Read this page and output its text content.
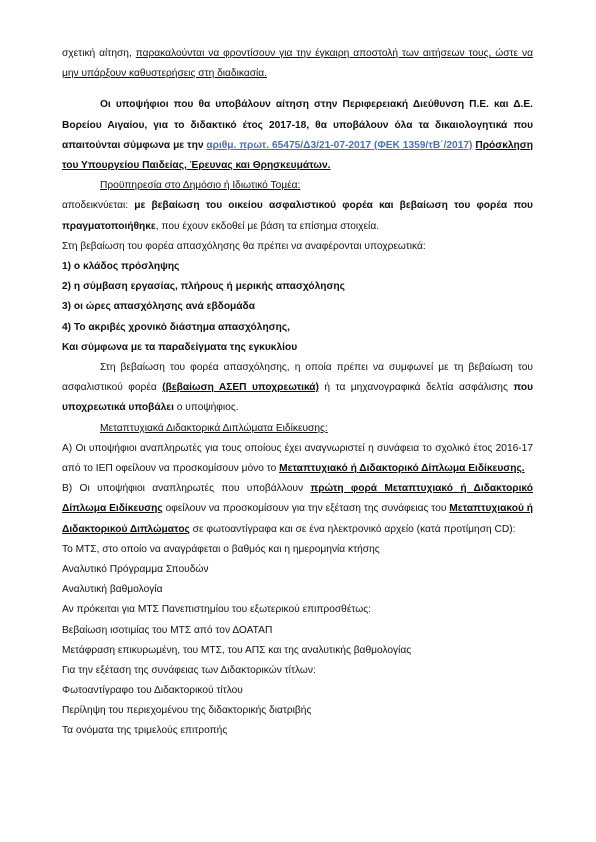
σχετική αίτηση, παρακαλούνται να φροντίσουν για την έγκαιρη αποστολή των αιτήσεων τους, ώστε να μην υπάρξουν καθυστερήσεις στη διαδικασία.

Οι υποψήφιοι που θα υποβάλουν αίτηση στην Περιφερειακή Διεύθυνση Π.Ε. και Δ.Ε. Βορείου Αιγαίου, για το διδακτικό έτος 2017-18, θα υποβάλουν όλα τα δικαιολογητικά που απαιτούνται σύμφωνα με την αριθμ. πρωτ. 65475/Δ3/21-07-2017 (ΦΕΚ 1359/τΒ΄/2017) Πρόσκληση του Υπουργείου Παιδείας, Έρευνας και Θρησκευμάτων.

Προϋπηρεσία στο Δημόσιο ή Ιδιωτικό Τομέα:

αποδεικνύεται: με βεβαίωση του οικείου ασφαλιστικού φορέα και βεβαίωση του φορέα που πραγματοποιήθηκε, που έχουν εκδοθεί με βάση τα επίσημα στοιχεία.

Στη βεβαίωση του φορέα απασχόλησης θα πρέπει να αναφέρονται υποχρεωτικά:

1) ο κλάδος πρόσληψης

2) η σύμβαση εργασίας, πλήρους ή μερικής απασχόλησης

3) οι ώρες απασχόλησης ανά εβδομάδα

4) Το ακριβές χρονικό διάστημα απασχόλησης,

Και σύμφωνα με τα παραδείγματα της εγκυκλίου

Στη βεβαίωση του φορέα απασχόλησης, η οποία πρέπει να συμφωνεί με τη βεβαίωση του ασφαλιστικού φορέα (βεβαίωση ΑΣΕΠ υποχρεωτικά) ή τα μηχανογραφικά δελτία ασφάλισης που υποχρεωτικά υποβάλει ο υποψήφιος.

Μεταπτυχιακά Διδακτορικά Διπλώματα Ειδίκευσης:

Α) Οι υποψήφιοι αναπληρωτές για τους οποίους έχει αναγνωριστεί η συνάφεια το σχολικό έτος 2016-17 από το ΙΕΠ οφείλουν να προσκομίσουν μόνο το Μεταπτυχιακό ή Διδακτορικό Δίπλωμα Ειδίκευσης.

Β) Οι υποψήφιοι αναπληρωτές που υποβάλλουν πρώτη φορά Μεταπτυχιακό ή Διδακτορικό Δίπλωμα Ειδίκευσης οφείλουν να προσκομίσουν για την εξέταση της συνάφειας του Μεταπτυχιακού ή Διδακτορικού Διπλώματος σε φωτοαντίγραφα και σε ένα ηλεκτρονικό αρχείο (κατά προτίμηση CD):

Το ΜΤΣ, στο οποίο να αναγράφεται ο βαθμός και η ημερομηνία κτήσης

Αναλυτικό Πρόγραμμα Σπουδών

Αναλυτική βαθμολογία

Αν πρόκειται για ΜΤΣ Πανεπιστημίου του εξωτερικού επιπροσθέτως:

Βεβαίωση ισοτιμίας του ΜΤΣ από τον ΔΟΑΤΑΠ

Μετάφραση επικυρωμένη, του ΜΤΣ, του ΑΠΣ και της αναλυτικής βαθμολογίας

Για την εξέταση της συνάφειας των Διδακτορικών τίτλων:

Φωτοαντίγραφο του Διδακτορικού τίτλου

Περίληψη του περιεχομένου της διδακτορικής διατριβής

Τα ονόματα της τριμελούς επιτροπής
